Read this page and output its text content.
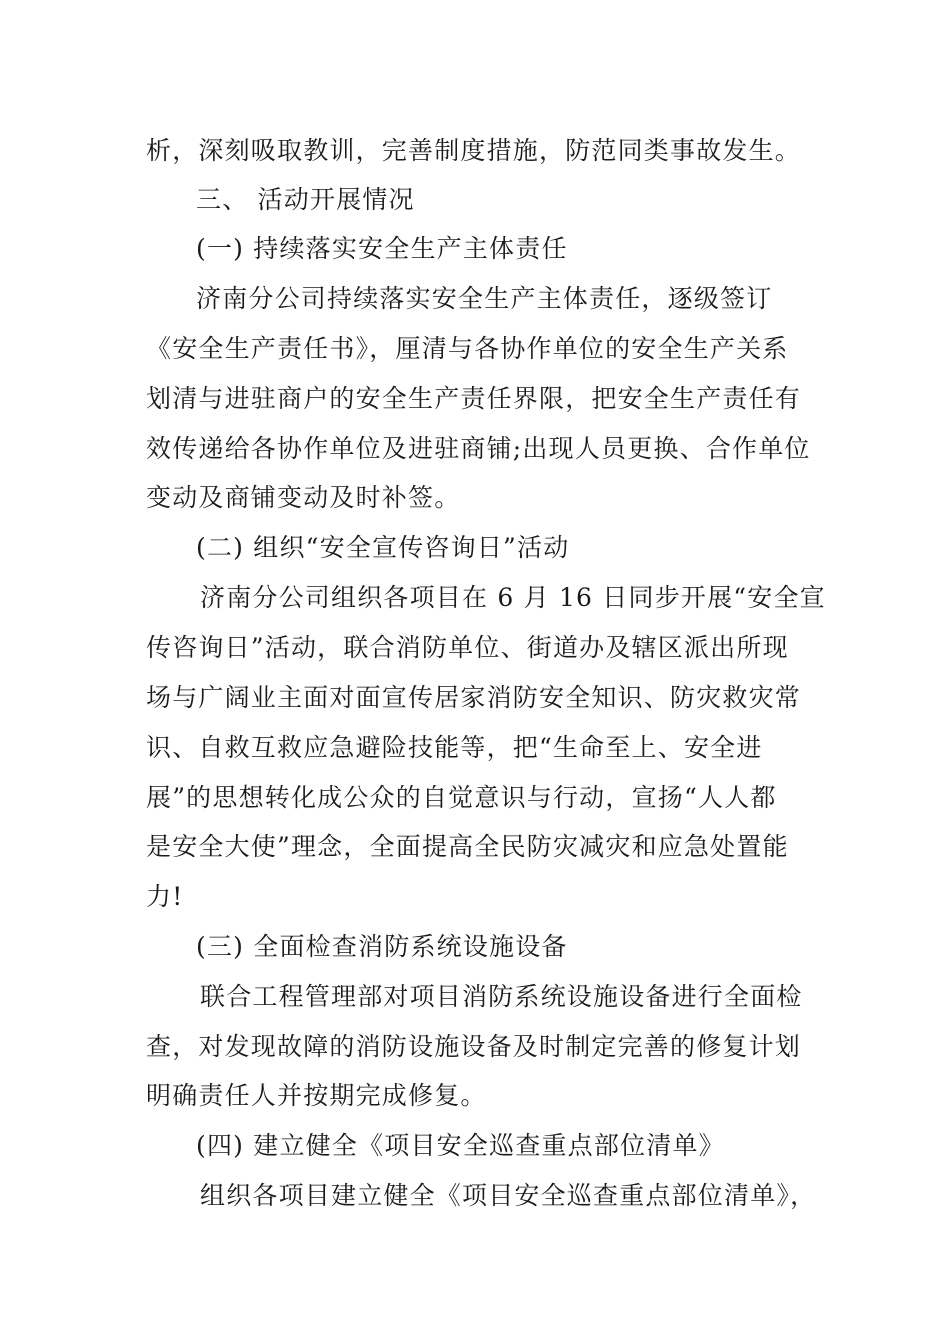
析，深刻吸取教训，完善制度措施，防范同类事故发生。
三、 活动开展情况
(一) 持续落实安全生产主体责任
济南分公司持续落实安全生产主体责任，逐级签订
《安全生产责任书》，厘清与各协作单位的安全生产关系
划清与进驻商户的安全生产责任界限，把安全生产责任有
效传递给各协作单位及进驻商铺;出现人员更换、合作单位
变动及商铺变动及时补签。
(二) 组织“安全宣传咨询日”活动
济南分公司组织各项目在 6 月 16 日同步开展“安全宣
传咨询日”活动，联合消防单位、街道办及辖区派出所现
场与广阔业主面对面宣传居家消防安全知识、防灾救灾常
识、自救互救应急避险技能等，把“生命至上、安全进
展”的思想转化成公众的自觉意识与行动，宣扬“人人都
是安全大使”理念，全面提高全民防灾减灾和应急处置能
力!
(三) 全面检查消防系统设施设备
联合工程管理部对项目消防系统设施设备进行全面检
查，对发现故障的消防设施设备及时制定完善的修复计划
明确责任人并按期完成修复。
(四) 建立健全《项目安全巡查重点部位清单》
组织各项目建立健全《项目安全巡查重点部位清单》，
